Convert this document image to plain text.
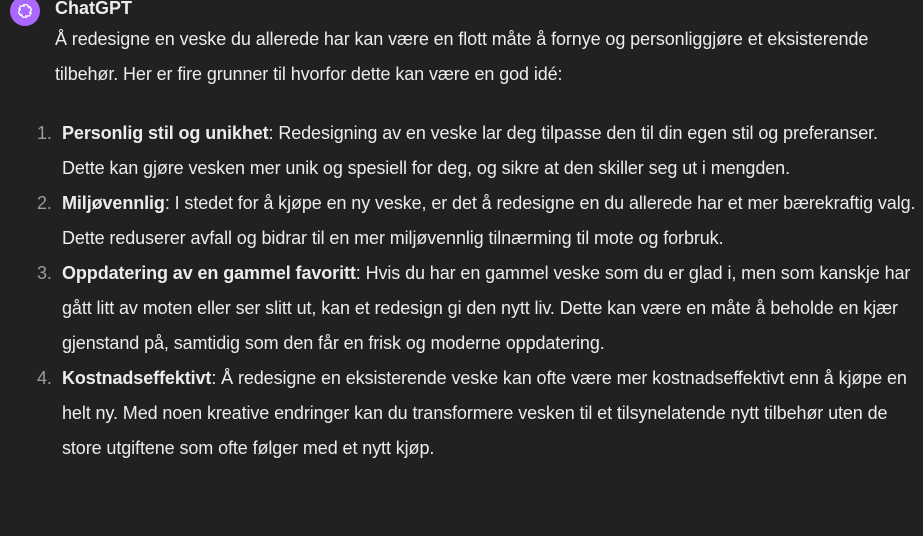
ChatGPT

Å redesigne en veske du allerede har kan være en flott måte å fornye og personliggjøre et eksisterende tilbehør. Her er fire grunner til hvorfor dette kan være en god idé:

1. Personlig stil og unikhet: Redesigning av en veske lar deg tilpasse den til din egen stil og preferanser. Dette kan gjøre vesken mer unik og spesiell for deg, og sikre at den skiller seg ut i mengden.
2. Miljøvennlig: I stedet for å kjøpe en ny veske, er det å redesigne en du allerede har et mer bærekraftig valg. Dette reduserer avfall og bidrar til en mer miljøvennlig tilnærming til mote og forbruk.
3. Oppdatering av en gammel favoritt: Hvis du har en gammel veske som du er glad i, men som kanskje har gått litt av moten eller ser slitt ut, kan et redesign gi den nytt liv. Dette kan være en måte å beholde en kjær gjenstand på, samtidig som den får en frisk og moderne oppdatering.
4. Kostnadseffektivt: Å redesigne en eksisterende veske kan ofte være mer kostnadseffektivt enn å kjøpe en helt ny. Med noen kreative endringer kan du transformere vesken til et tilsynelatende nytt tilbehør uten de store utgiftene som ofte følger med et nytt kjøp.
